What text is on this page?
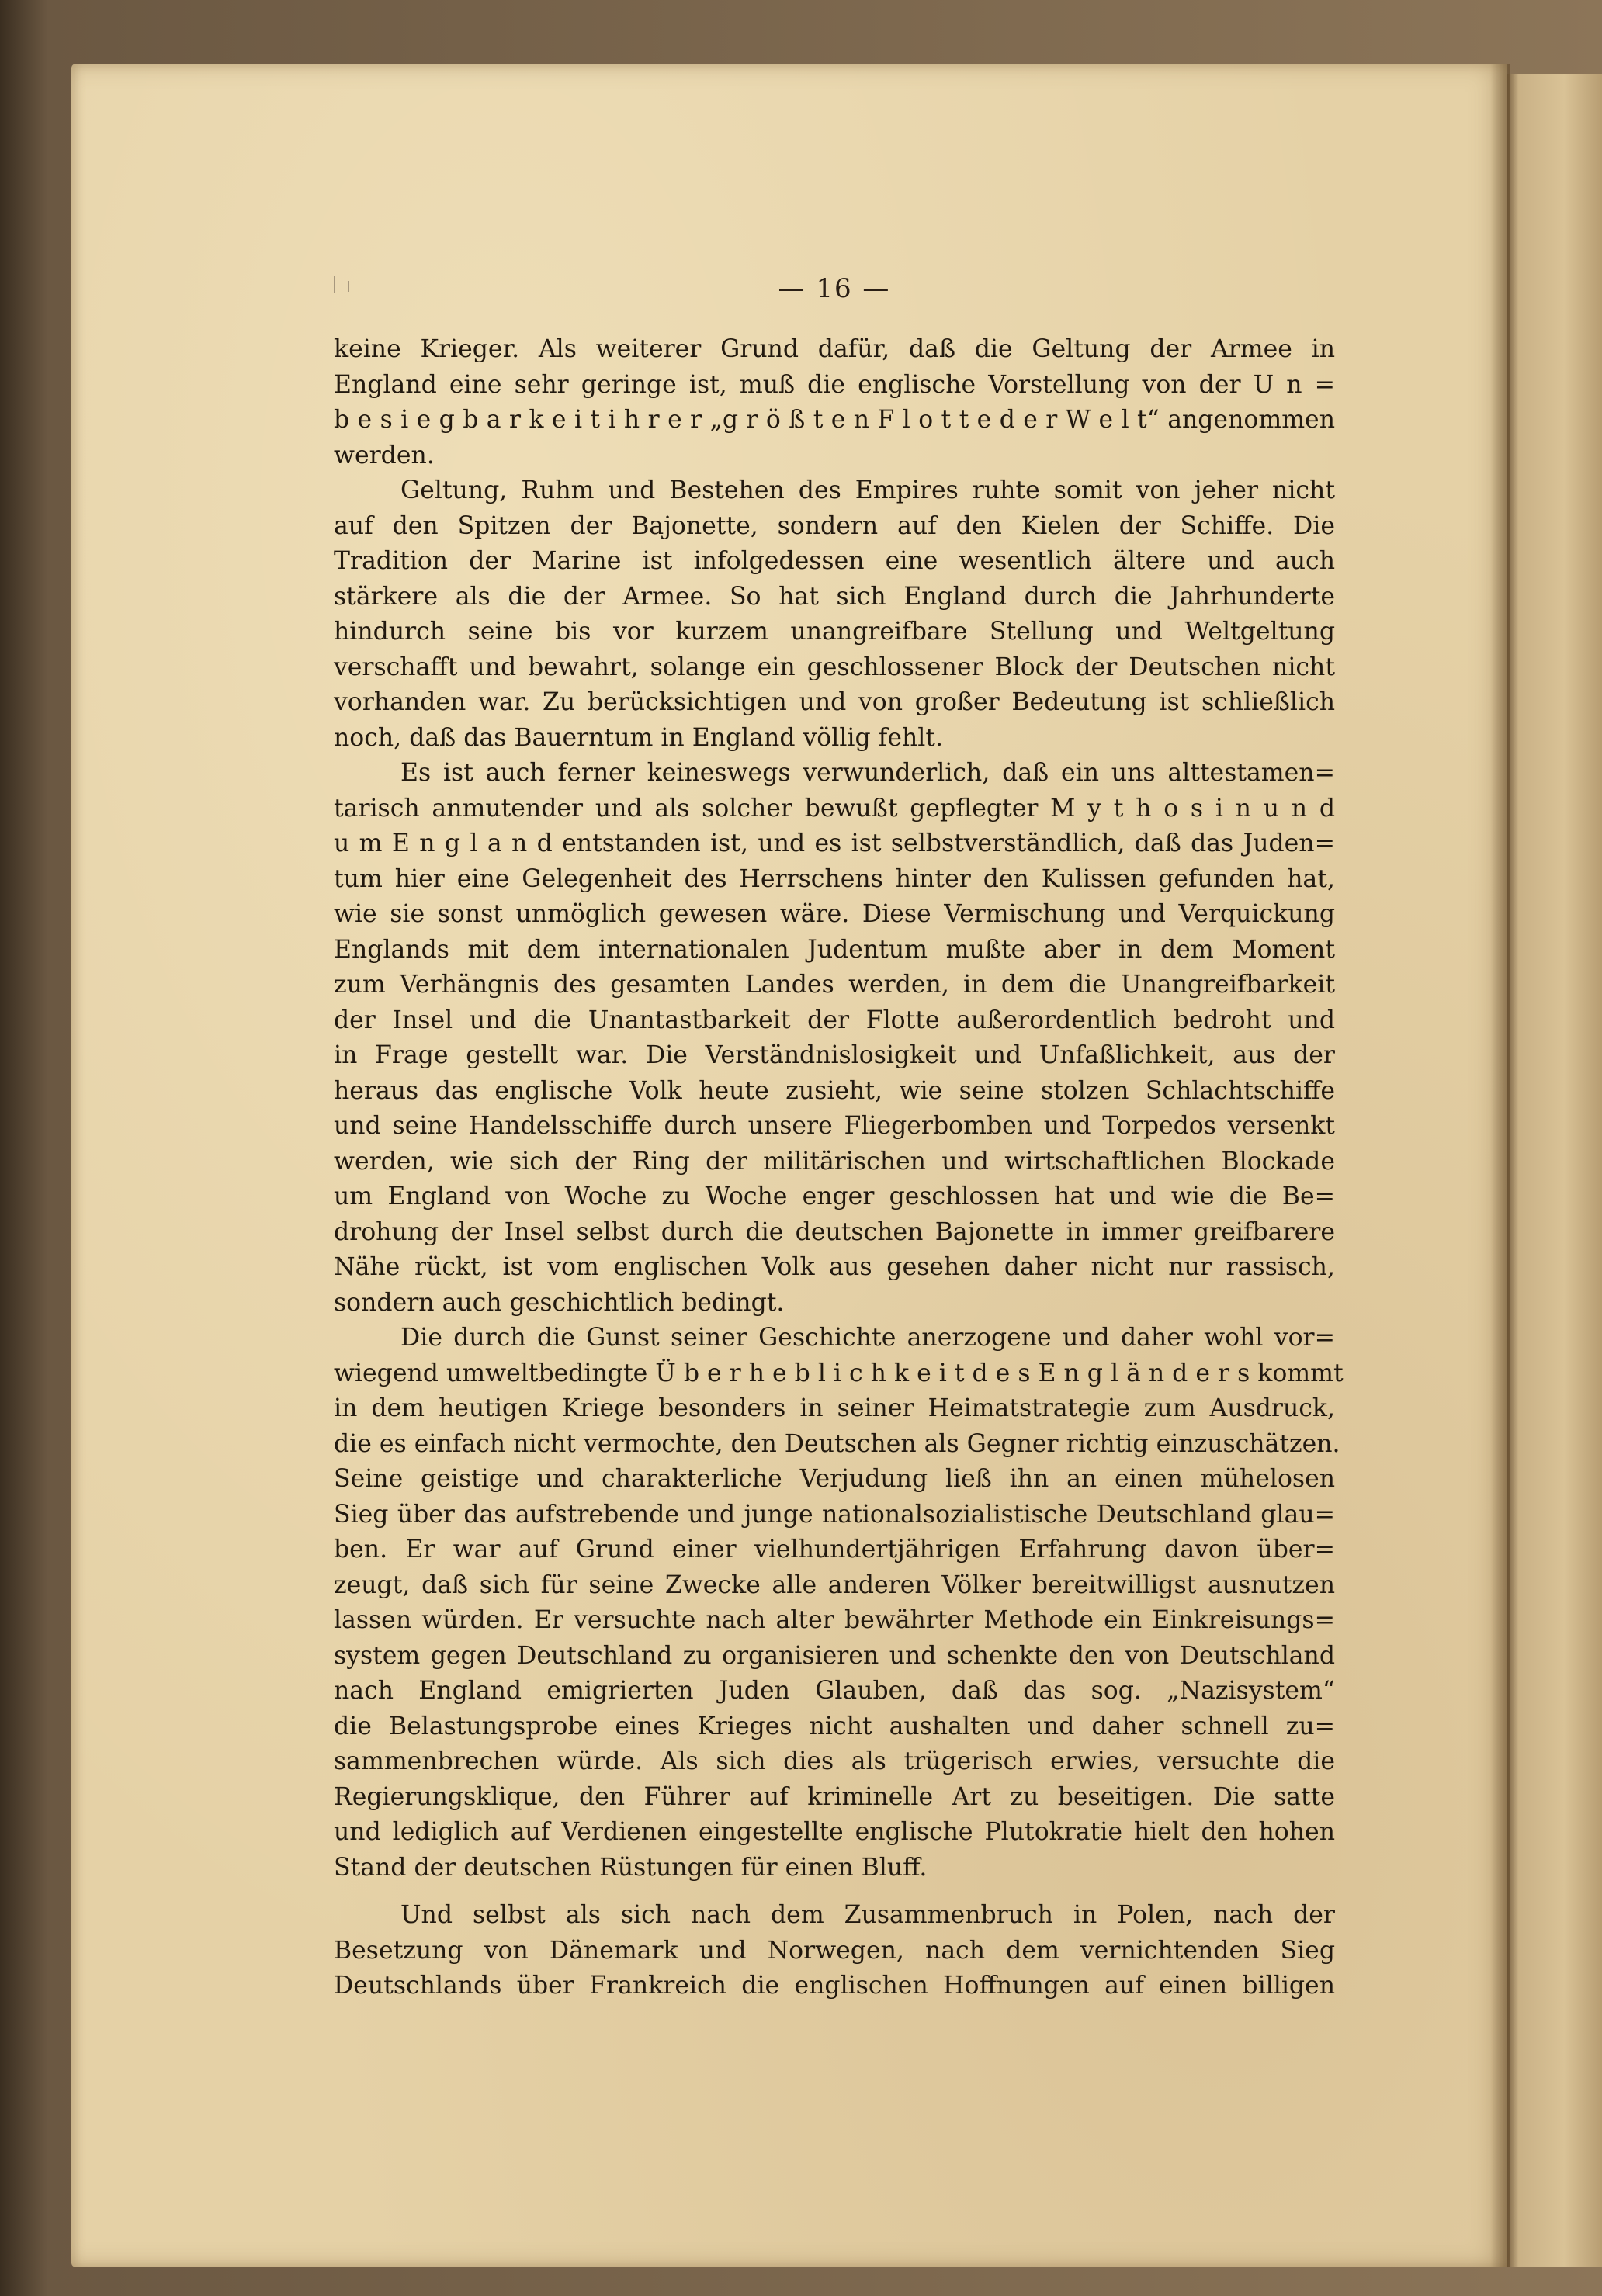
— 16 —
keine Krieger. Als weiterer Grund dafür, daß die Geltung der Armee in
England eine sehr geringe ist, muß die englische Vorstellung von der U n =
b e s i e g b a r k e i t i h r e r „g r ö ß t e n F l o t t e d e r W e l t“ angenommen
werden.
Geltung, Ruhm und Bestehen des Empires ruhte somit von jeher nicht
auf den Spitzen der Bajonette, sondern auf den Kielen der Schiffe. Die
Tradition der Marine ist infolgedessen eine wesentlich ältere und auch
stärkere als die der Armee. So hat sich England durch die Jahrhunderte
hindurch seine bis vor kurzem unangreifbare Stellung und Weltgeltung
verschafft und bewahrt, solange ein geschlossener Block der Deutschen nicht
vorhanden war. Zu berücksichtigen und von großer Bedeutung ist schließlich
noch, daß das Bauerntum in England völlig fehlt.
Es ist auch ferner keineswegs verwunderlich, daß ein uns alttestamen=
tarisch anmutender und als solcher bewußt gepflegter M y t h o s i n u n d
u m E n g l a n d entstanden ist, und es ist selbstverständlich, daß das Juden=
tum hier eine Gelegenheit des Herrschens hinter den Kulissen gefunden hat,
wie sie sonst unmöglich gewesen wäre. Diese Vermischung und Verquickung
Englands mit dem internationalen Judentum mußte aber in dem Moment
zum Verhängnis des gesamten Landes werden, in dem die Unangreifbarkeit
der Insel und die Unantastbarkeit der Flotte außerordentlich bedroht und
in Frage gestellt war. Die Verständnislosigkeit und Unfaßlichkeit, aus der
heraus das englische Volk heute zusieht, wie seine stolzen Schlachtschiffe
und seine Handelsschiffe durch unsere Fliegerbomben und Torpedos versenkt
werden, wie sich der Ring der militärischen und wirtschaftlichen Blockade
um England von Woche zu Woche enger geschlossen hat und wie die Be=
drohung der Insel selbst durch die deutschen Bajonette in immer greifbarere
Nähe rückt, ist vom englischen Volk aus gesehen daher nicht nur rassisch,
sondern auch geschichtlich bedingt.
Die durch die Gunst seiner Geschichte anerzogene und daher wohl vor=
wiegend umweltbedingte Ü b e r h e b l i c h k e i t d e s E n g l ä n d e r s kommt
in dem heutigen Kriege besonders in seiner Heimatstrategie zum Ausdruck,
die es einfach nicht vermochte, den Deutschen als Gegner richtig einzuschätzen.
Seine geistige und charakterliche Verjudung ließ ihn an einen mühelosen
Sieg über das aufstrebende und junge nationalsozialistische Deutschland glau=
ben. Er war auf Grund einer vielhundertjährigen Erfahrung davon über=
zeugt, daß sich für seine Zwecke alle anderen Völker bereitwilligst ausnutzen
lassen würden. Er versuchte nach alter bewährter Methode ein Einkreisungs=
system gegen Deutschland zu organisieren und schenkte den von Deutschland
nach England emigrierten Juden Glauben, daß das sog. „Nazisystem“
die Belastungsprobe eines Krieges nicht aushalten und daher schnell zu=
sammenbrechen würde. Als sich dies als trügerisch erwies, versuchte die
Regierungsklique, den Führer auf kriminelle Art zu beseitigen. Die satte
und lediglich auf Verdienen eingestellte englische Plutokratie hielt den hohen
Stand der deutschen Rüstungen für einen Bluff.
Und selbst als sich nach dem Zusammenbruch in Polen, nach der
Besetzung von Dänemark und Norwegen, nach dem vernichtenden Sieg
Deutschlands über Frankreich die englischen Hoffnungen auf einen billigen
